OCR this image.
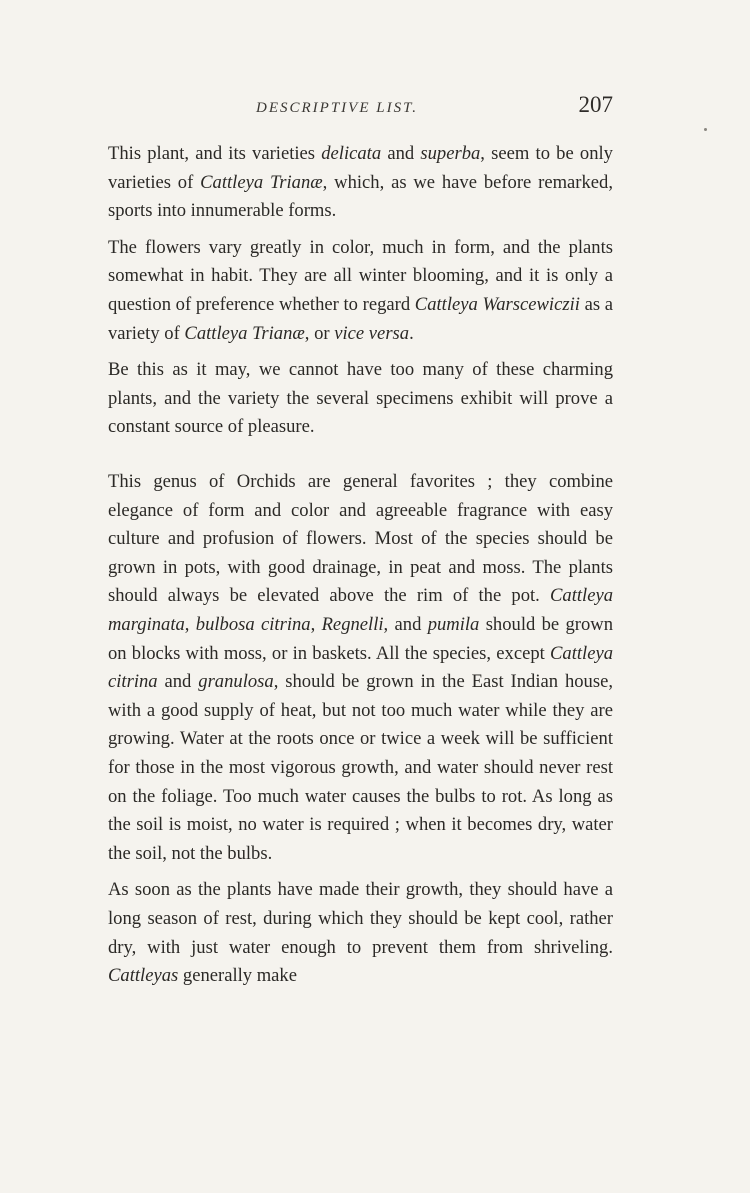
DESCRIPTIVE LIST.	207

This plant, and its varieties delicata and superba, seem to be only varieties of Cattleya Trianæ, which, as we have before remarked, sports into innumerable forms.

The flowers vary greatly in color, much in form, and the plants somewhat in habit. They are all winter blooming, and it is only a question of preference whether to regard Cattleya Warscewiczii as a variety of Cattleya Trianæ, or vice versa.

Be this as it may, we cannot have too many of these charming plants, and the variety the several specimens exhibit will prove a constant source of pleasure.

This genus of Orchids are general favorites ; they combine elegance of form and color and agreeable fragrance with easy culture and profusion of flowers. Most of the species should be grown in pots, with good drainage, in peat and moss. The plants should always be elevated above the rim of the pot. Cattleya marginata, bulbosa citrina, Regnelli, and pumila should be grown on blocks with moss, or in baskets. All the species, except Cattleya citrina and granulosa, should be grown in the East Indian house, with a good supply of heat, but not too much water while they are growing. Water at the roots once or twice a week will be sufficient for those in the most vigorous growth, and water should never rest on the foliage. Too much water causes the bulbs to rot. As long as the soil is moist, no water is required ; when it becomes dry, water the soil, not the bulbs.

As soon as the plants have made their growth, they should have a long season of rest, during which they should be kept cool, rather dry, with just water enough to prevent them from shriveling. Cattleyas generally make
